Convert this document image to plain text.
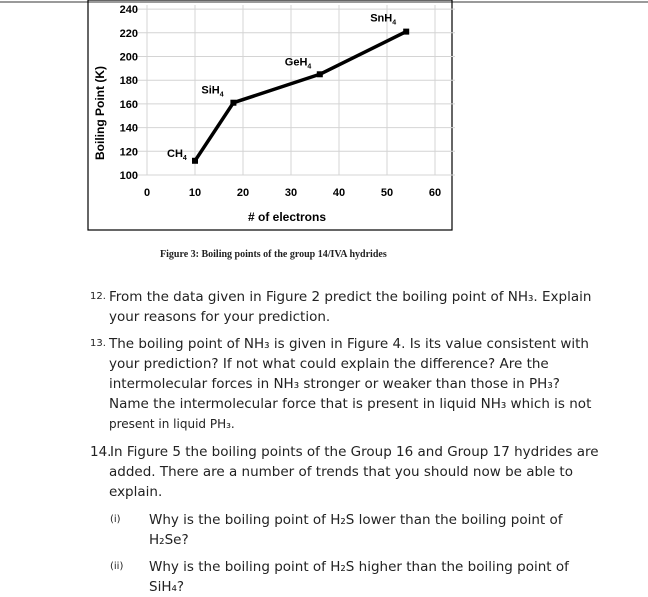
100
120
140
160
180
200
220
240
0	10	20	30	40	50	60
$CH_4$
SiH$_4$
GeH$_4$
SnH$_4$
Boiling Point (K)
# of electrons
Figure 3: Boiling points of the group 14/IVA hydrides
12. From the data given in Figure 2 predict the boiling point of NH₃. Explain
your reasons for your prediction.
13. The boiling point of NH₃ is given in Figure 4. Is its value consistent with
your prediction? If not what could explain the difference? Are the
intermolecular forces in NH₃ stronger or weaker than those in PH₃?
Name the intermolecular force that is present in liquid NH₃ which is not
present in liquid PH₃.
14.
In Figure 5 the boiling points of the Group 16 and Group 17 hydrides are
added. There are a number of trends that you should now be able to
explain.
(i) Why is the boiling point of H₂S lower than the boiling point of
H₂Se?
(ii) Why is the boiling point of H₂S higher than the boiling point of
SiH₄?
